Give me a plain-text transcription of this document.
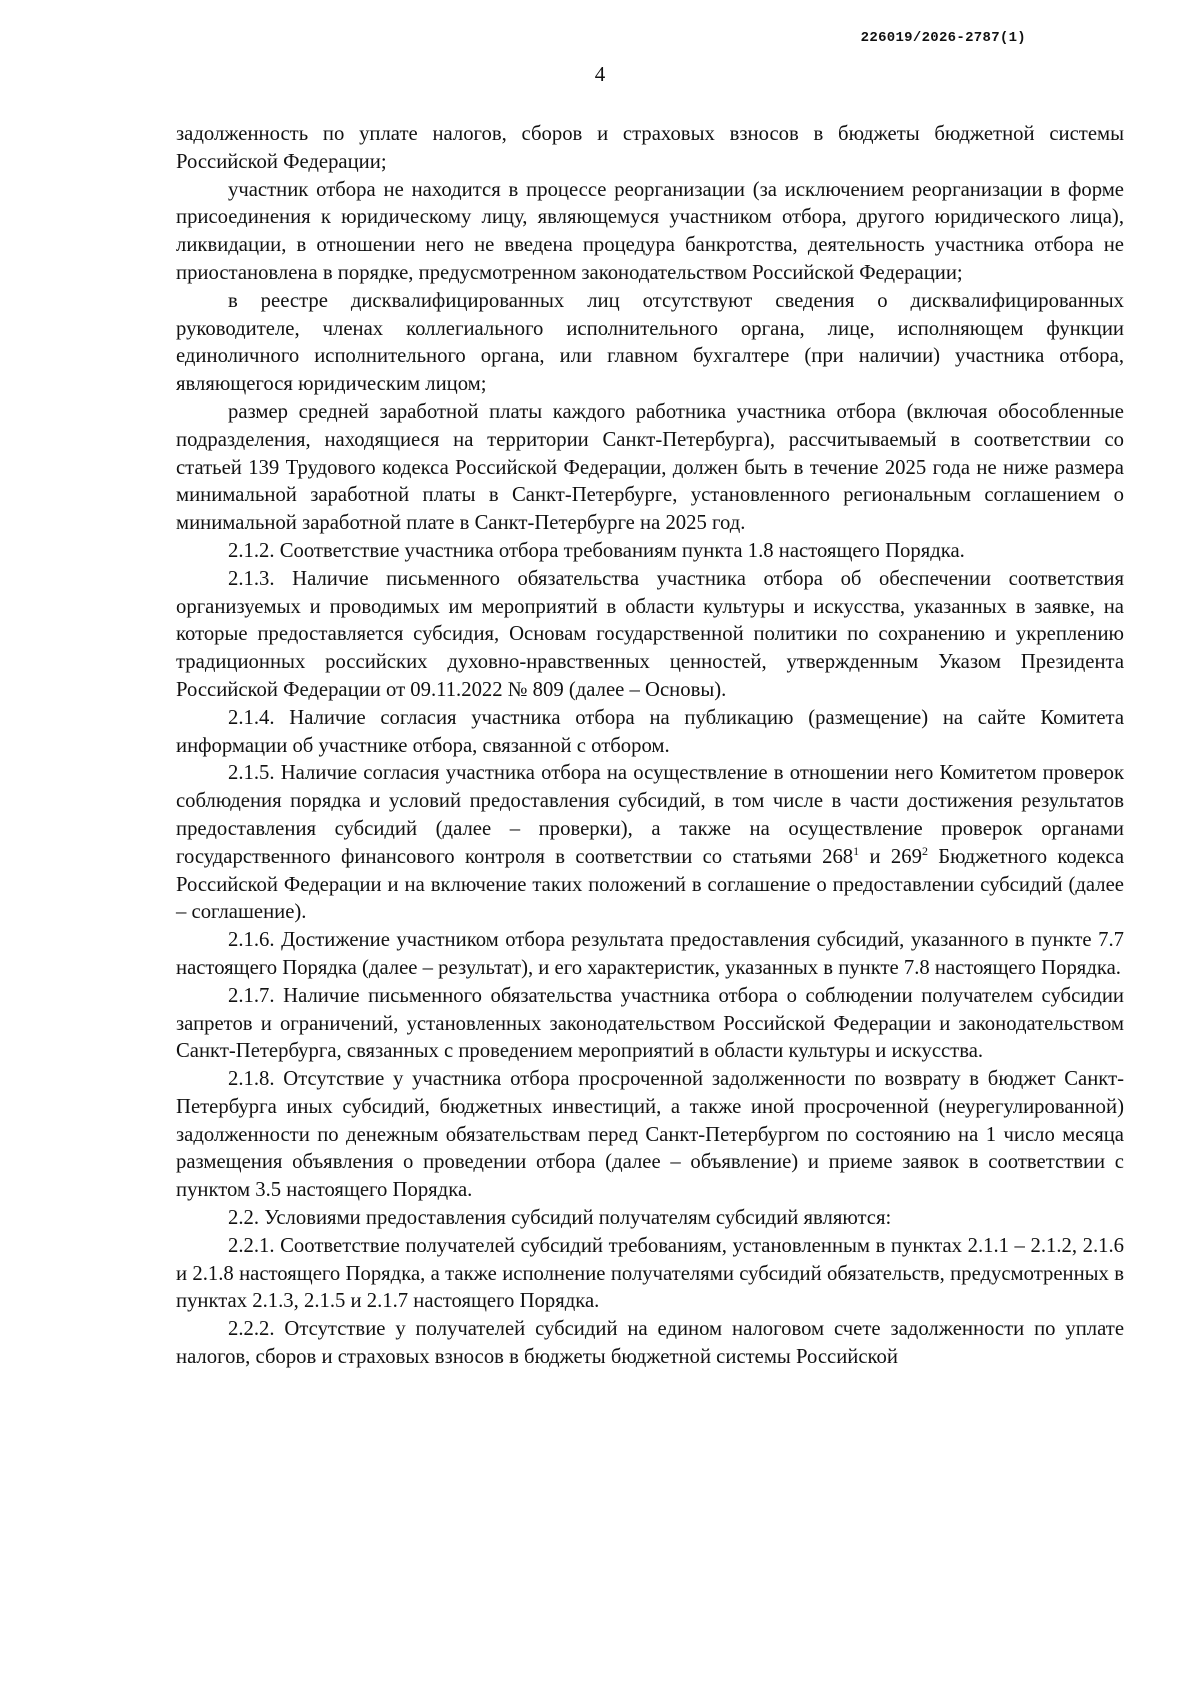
226019/2026-2787(1)
4

задолженность по уплате налогов, сборов и страховых взносов в бюджеты бюджетной системы Российской Федерации;

участник отбора не находится в процессе реорганизации (за исключением реорганизации в форме присоединения к юридическому лицу, являющемуся участником отбора, другого юридического лица), ликвидации, в отношении него не введена процедура банкротства, деятельность участника отбора не приостановлена в порядке, предусмотренном законодательством Российской Федерации;

в реестре дисквалифицированных лиц отсутствуют сведения о дисквалифицированных руководителе, членах коллегиального исполнительного органа, лице, исполняющем функции единоличного исполнительного органа, или главном бухгалтере (при наличии) участника отбора, являющегося юридическим лицом;

размер средней заработной платы каждого работника участника отбора (включая обособленные подразделения, находящиеся на территории Санкт-Петербурга), рассчитываемый в соответствии со статьей 139 Трудового кодекса Российской Федерации, должен быть в течение 2025 года не ниже размера минимальной заработной платы в Санкт-Петербурге, установленного региональным соглашением о минимальной заработной плате в Санкт-Петербурге на 2025 год.

2.1.2. Соответствие участника отбора требованиям пункта 1.8 настоящего Порядка.

2.1.3. Наличие письменного обязательства участника отбора об обеспечении соответствия организуемых и проводимых им мероприятий в области культуры и искусства, указанных в заявке, на которые предоставляется субсидия, Основам государственной политики по сохранению и укреплению традиционных российских духовно-нравственных ценностей, утвержденным Указом Президента Российской Федерации от 09.11.2022 № 809 (далее – Основы).

2.1.4. Наличие согласия участника отбора на публикацию (размещение) на сайте Комитета информации об участнике отбора, связанной с отбором.

2.1.5. Наличие согласия участника отбора на осуществление в отношении него Комитетом проверок соблюдения порядка и условий предоставления субсидий, в том числе в части достижения результатов предоставления субсидий (далее – проверки), а также на осуществление проверок органами государственного финансового контроля в соответствии со статьями $268^1$ и $269^2$ Бюджетного кодекса Российской Федерации и на включение таких положений в соглашение о предоставлении субсидий (далее – соглашение).

2.1.6. Достижение участником отбора результата предоставления субсидий, указанного в пункте 7.7 настоящего Порядка (далее – результат), и его характеристик, указанных в пункте 7.8 настоящего Порядка.

2.1.7. Наличие письменного обязательства участника отбора о соблюдении получателем субсидии запретов и ограничений, установленных законодательством Российской Федерации и законодательством Санкт-Петербурга, связанных с проведением мероприятий в области культуры и искусства.

2.1.8. Отсутствие у участника отбора просроченной задолженности по возврату в бюджет Санкт-Петербурга иных субсидий, бюджетных инвестиций, а также иной просроченной (неурегулированной) задолженности по денежным обязательствам перед Санкт-Петербургом по состоянию на 1 число месяца размещения объявления о проведении отбора (далее – объявление) и приеме заявок в соответствии с пунктом 3.5 настоящего Порядка.

2.2. Условиями предоставления субсидий получателям субсидий являются:

2.2.1. Соответствие получателей субсидий требованиям, установленным в пунктах 2.1.1 – 2.1.2, 2.1.6 и 2.1.8 настоящего Порядка, а также исполнение получателями субсидий обязательств, предусмотренных в пунктах 2.1.3, 2.1.5 и 2.1.7 настоящего Порядка.

2.2.2. Отсутствие у получателей субсидий на едином налоговом счете задолженности по уплате налогов, сборов и страховых взносов в бюджеты бюджетной системы Российской
